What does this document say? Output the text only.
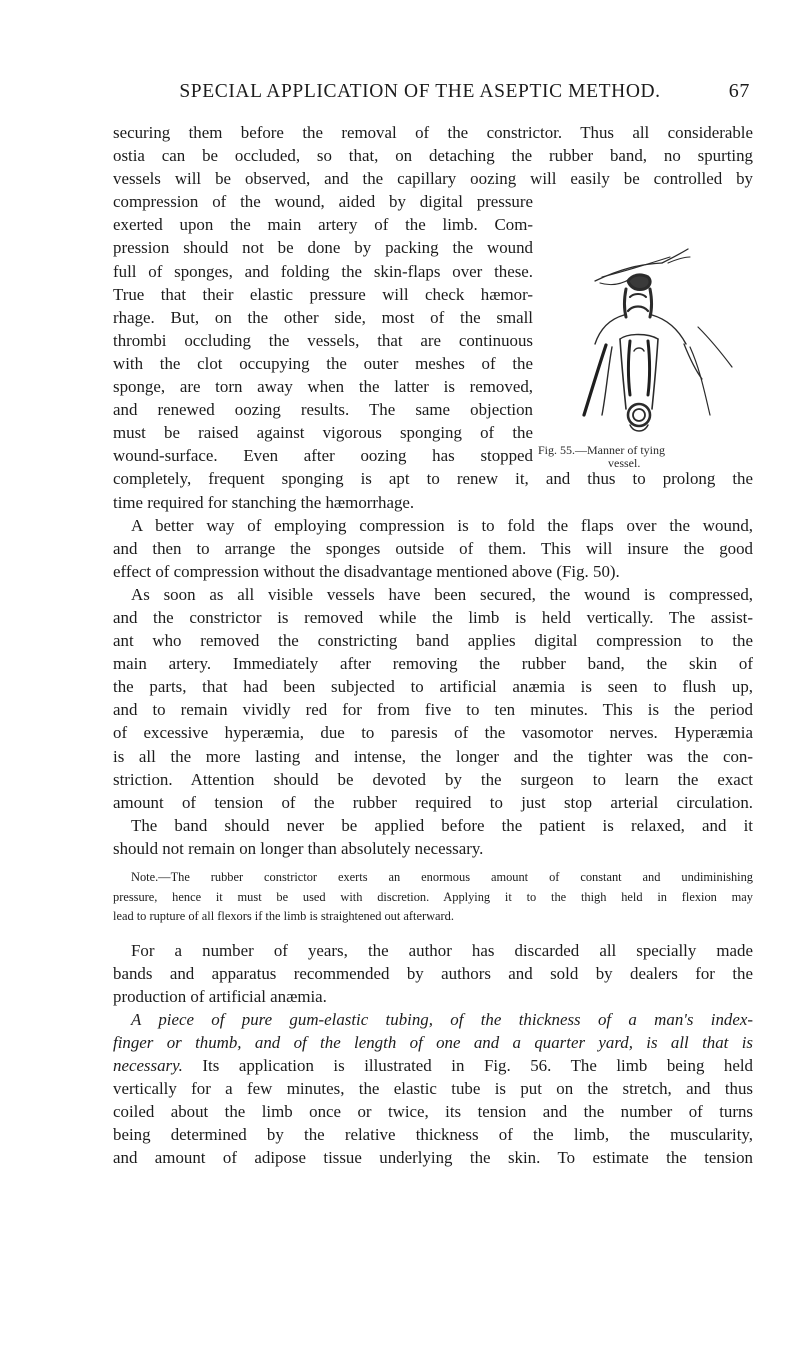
SPECIAL APPLICATION OF THE ASEPTIC METHOD.	67
Fig. 55.—Manner of tying
vessel.
securing them before the removal of the constrictor. Thus all considerable
ostia can be occluded, so that, on detaching the rubber band, no spurting
vessels will be observed, and the capillary oozing will easily be controlled by
compression of the wound, aided by digital pressure
exerted upon the main artery of the limb. Com-
pression should not be done by packing the wound
full of sponges, and folding the skin-flaps over these.
True that their elastic pressure will check hæmor-
rhage. But, on the other side, most of the small
thrombi occluding the vessels, that are continuous
with the clot occupying the outer meshes of the
sponge, are torn away when the latter is removed,
and renewed oozing results. The same objection
must be raised against vigorous sponging of the
wound-surface. Even after oozing has stopped
completely, frequent sponging is apt to renew it, and thus to prolong the
time required for stanching the hæmorrhage.
A better way of employing compression is to fold the flaps over the wound,
and then to arrange the sponges outside of them. This will insure the good
effect of compression without the disadvantage mentioned above (Fig. 50).
As soon as all visible vessels have been secured, the wound is compressed,
and the constrictor is removed while the limb is held vertically. The assist-
ant who removed the constricting band applies digital compression to the
main artery. Immediately after removing the rubber band, the skin of
the parts, that had been subjected to artificial anæmia is seen to flush up,
and to remain vividly red for from five to ten minutes. This is the period
of excessive hyperæmia, due to paresis of the vasomotor nerves. Hyperæmia
is all the more lasting and intense, the longer and the tighter was the con-
striction. Attention should be devoted by the surgeon to learn the exact
amount of tension of the rubber required to just stop arterial circulation.
The band should never be applied before the patient is relaxed, and it
should not remain on longer than absolutely necessary.
Note.—The rubber constrictor exerts an enormous amount of constant and undiminishing
pressure, hence it must be used with discretion. Applying it to the thigh held in flexion may
lead to rupture of all flexors if the limb is straightened out afterward.
For a number of years, the author has discarded all specially made
bands and apparatus recommended by authors and sold by dealers for the
production of artificial anæmia.
A piece of pure gum-elastic tubing, of the thickness of a man's index-
finger or thumb, and of the length of one and a quarter yard, is all that is
necessary. Its application is illustrated in Fig. 56. The limb being held
vertically for a few minutes, the elastic tube is put on the stretch, and thus
coiled about the limb once or twice, its tension and the number of turns
being determined by the relative thickness of the limb, the muscularity,
and amount of adipose tissue underlying the skin. To estimate the tension
